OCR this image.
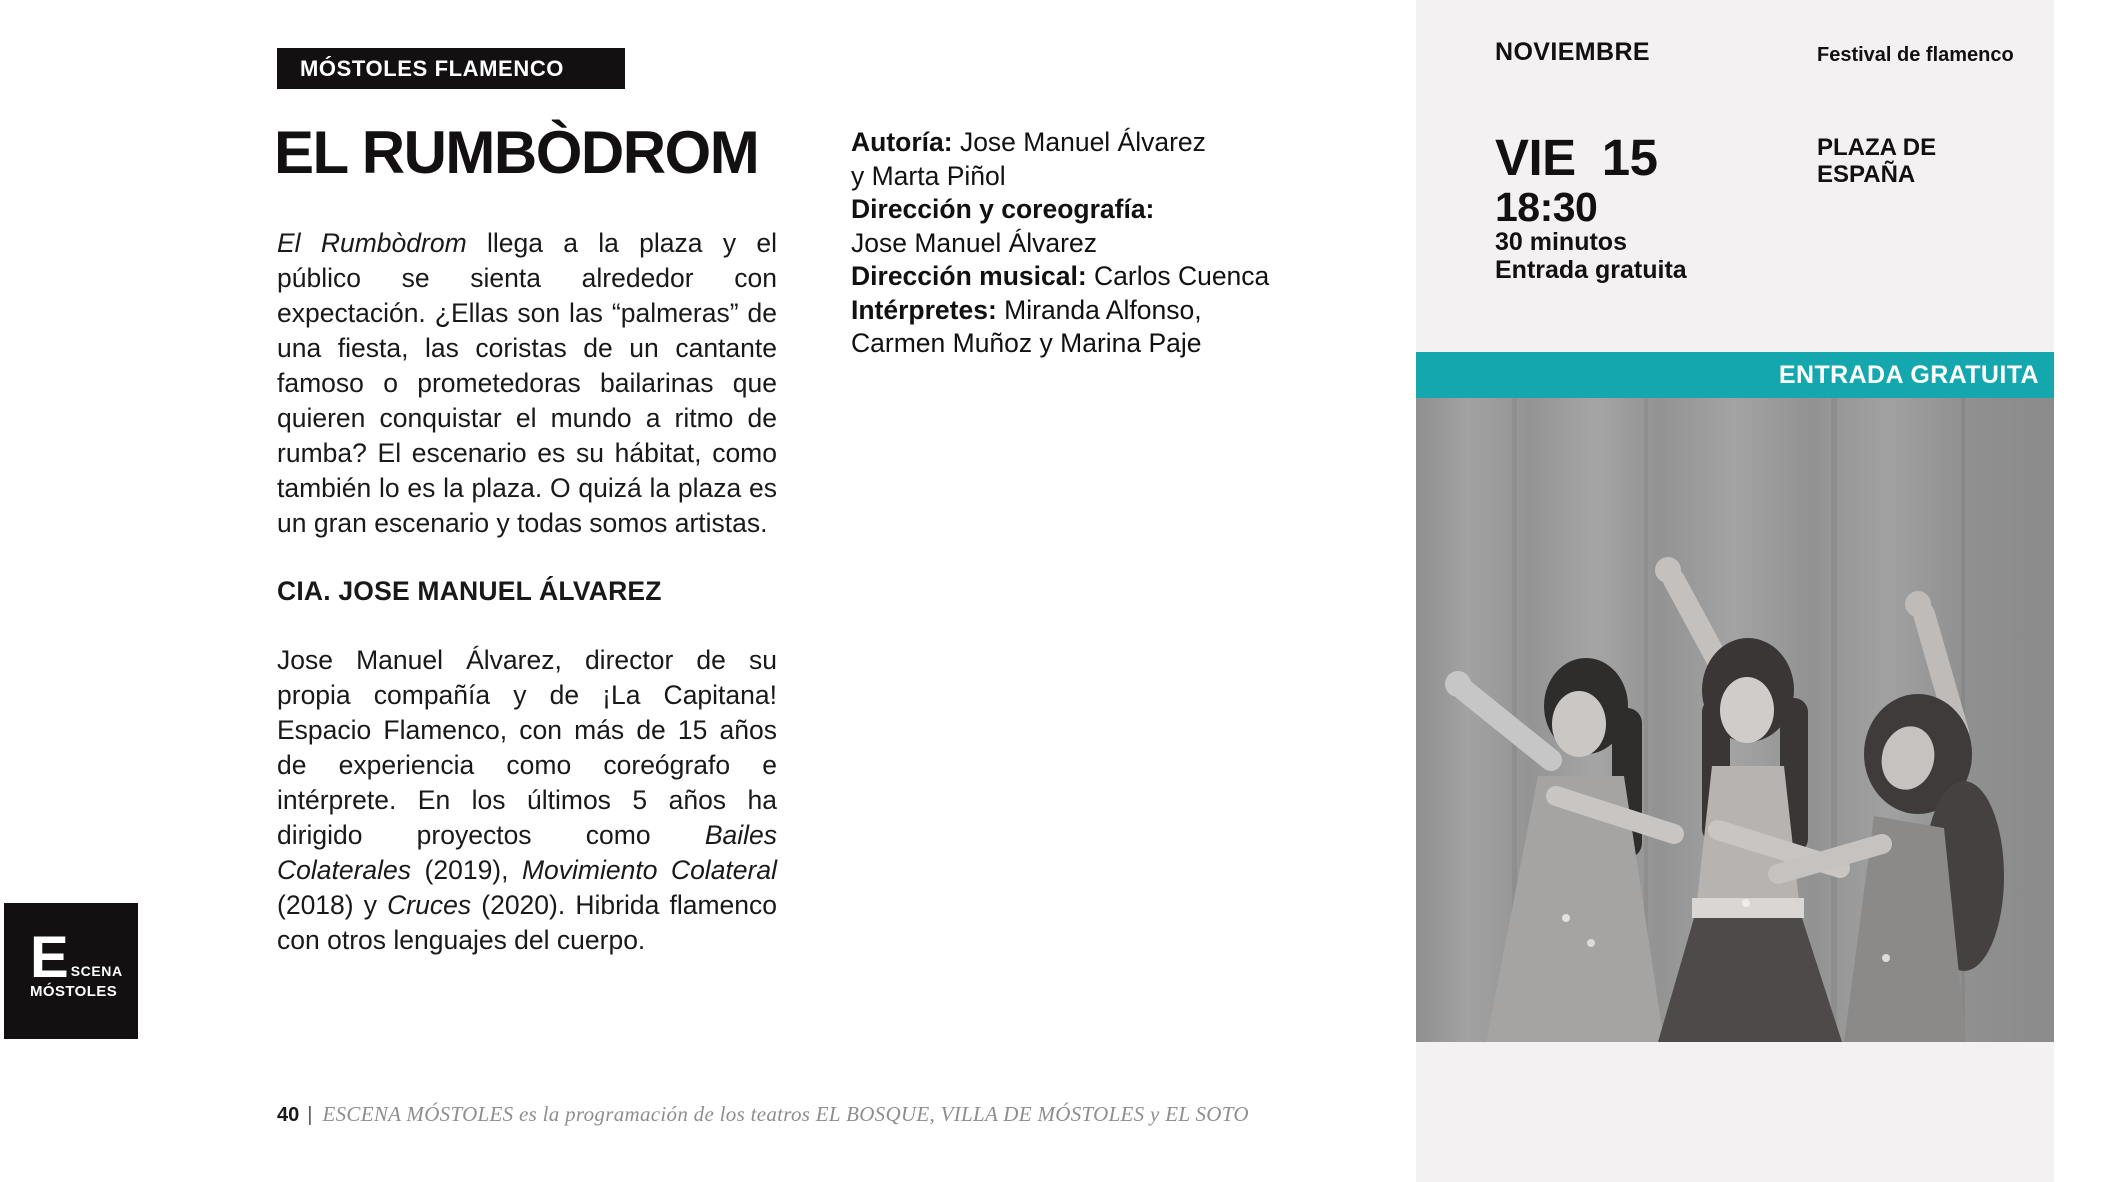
MÓSTOLES FLAMENCO
EL RUMBÒDROM

El Rumbòdrom llega a la plaza y el público se sienta alrededor con expectación. ¿Ellas son las “palmeras” de una fiesta, las coristas de un cantante famoso o prometedoras bailarinas que quieren conquistar el mundo a ritmo de rumba? El escenario es su hábitat, como también lo es la plaza. O quizá la plaza es un gran escenario y todas somos artistas.

CIA. JOSE MANUEL ÁLVAREZ

Jose Manuel Álvarez, director de su propia compañía y de ¡La Capitana! Espacio Flamenco, con más de 15 años de experiencia como coreógrafo e intérprete. En los últimos 5 años ha dirigido proyectos como Bailes Colaterales (2019), Movimiento Colateral (2018) y Cruces (2020). Hibrida flamenco con otros lenguajes del cuerpo.

Autoría: Jose Manuel Álvarez
y Marta Piñol
Dirección y coreografía:
Jose Manuel Álvarez
Dirección musical: Carlos Cuenca
Intérpretes: Miranda Alfonso,
Carmen Muñoz y Marina Paje
NOVIEMBRE	Festival de flamenco
VIE 15
18:30
30 minutos
Entrada gratuita
PLAZA DE
ESPAÑA
ENTRADA GRATUITA
E SCENA
MÓSTOLES
40 | ESCENA MÓSTOLES es la programación de los teatros EL BOSQUE, VILLA DE MÓSTOLES y EL SOTO
